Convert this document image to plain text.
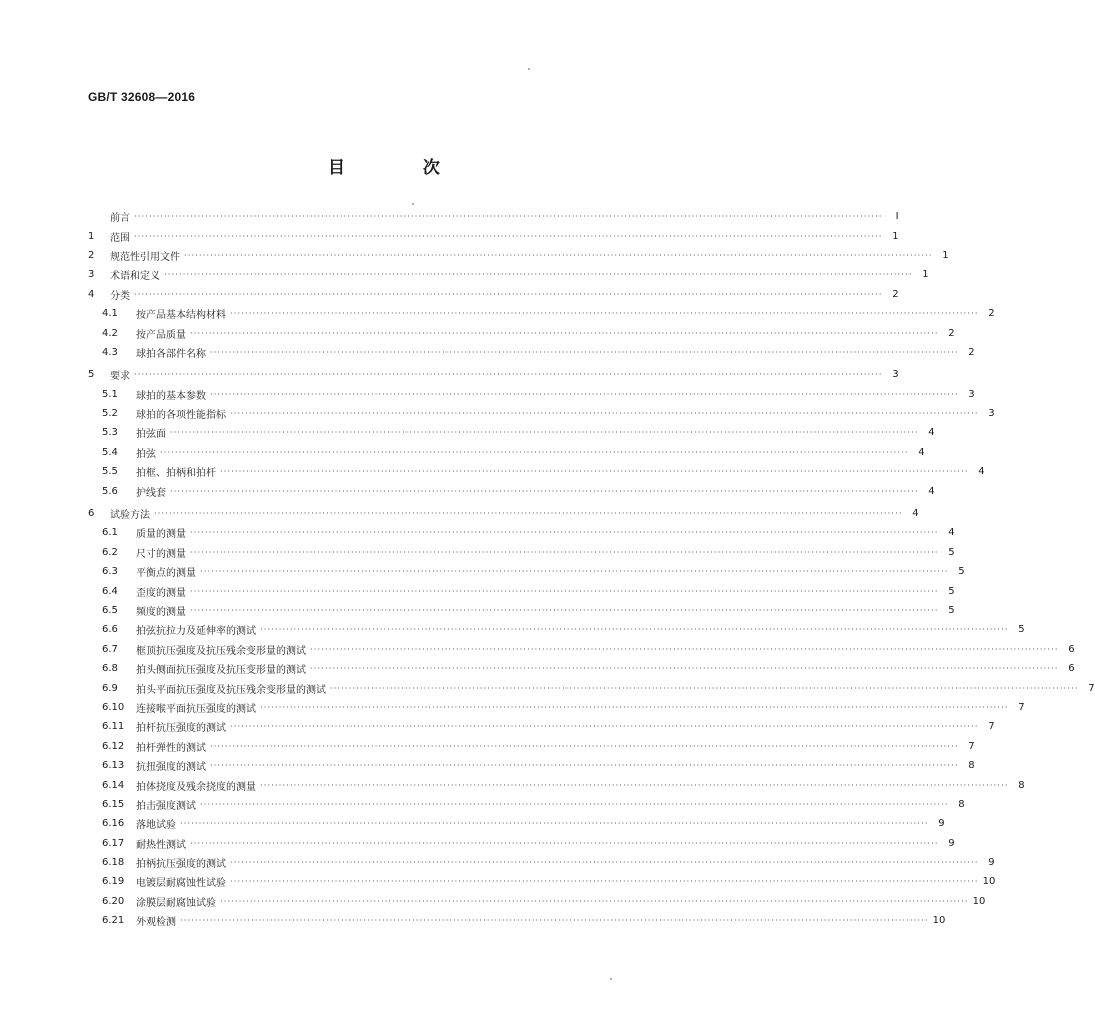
GB/T 32608—2016
目 次
前言 ········································································································································································································	Ⅰ
1	范围 ········································································································································································································ 1
2	规范性引用文件 ········································································································································································································ 1
3	术语和定义 ········································································································································································································ 1
4	分类 ········································································································································································································ 2
4.1	按产品基本结构材料 ········································································································································································································ 2
4.2	按产品质量 ········································································································································································································ 2
4.3	球拍各部件名称 ········································································································································································································ 2
5	要求 ········································································································································································································ 3
5.1	球拍的基本参数 ········································································································································································································ 3
5.2	球拍的各项性能指标 ········································································································································································································ 3
5.3	拍弦面 ········································································································································································································ 4
5.4	拍弦 ········································································································································································································ 4
5.5	拍框、拍柄和拍杆 ········································································································································································································ 4
5.6	护线套 ········································································································································································································ 4
6	试验方法 ········································································································································································································ 4
6.1	质量的测量 ········································································································································································································ 4
6.2	尺寸的测量 ········································································································································································································ 5
6.3	平衡点的测量 ········································································································································································································ 5
6.4	歪度的测量 ········································································································································································································ 5
6.5	频度的测量 ········································································································································································································ 5
6.6	拍弦抗拉力及延伸率的测试 ········································································································································································································ 5
6.7	框顶抗压强度及抗压残余变形量的测试 ········································································································································································································ 6
6.8	拍头侧面抗压强度及抗压变形量的测试 ········································································································································································································ 6
6.9	拍头平面抗压强度及抗压残余变形量的测试 ········································································································································································································ 7
6.10	连接喉平面抗压强度的测试 ········································································································································································································ 7
6.11	拍杆抗压强度的测试 ········································································································································································································ 7
6.12	拍杆弹性的测试 ········································································································································································································ 7
6.13	抗扭强度的测试 ········································································································································································································ 8
6.14	拍体挠度及残余挠度的测量 ········································································································································································································ 8
6.15	拍击强度测试 ········································································································································································································ 8
6.16	落地试验 ········································································································································································································ 9
6.17	耐热性测试 ········································································································································································································ 9
6.18	拍柄抗压强度的测试 ········································································································································································································ 9
6.19	电镀层耐腐蚀性试验 ········································································································································································································ 10
6.20	涂膜层耐腐蚀试验 ········································································································································································································ 10
6.21	外观检测 ········································································································································································································ 10
